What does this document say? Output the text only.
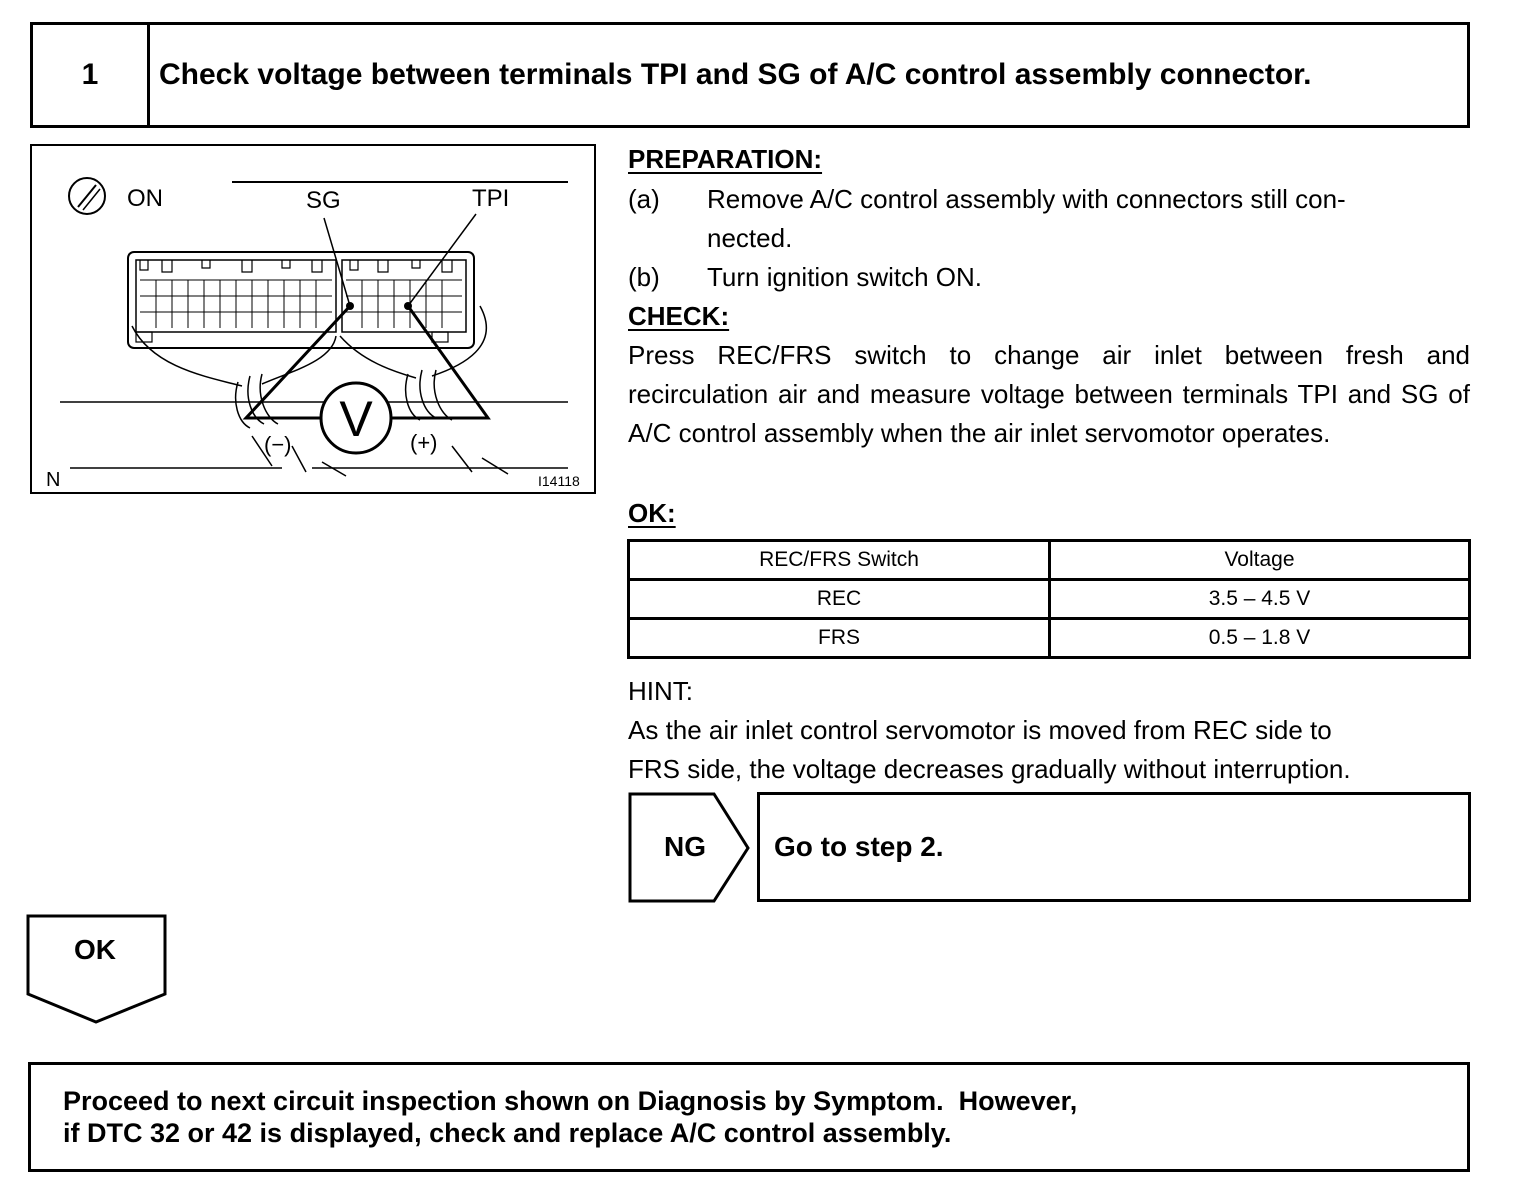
1	Check voltage between terminals TPI and SG of A/C control assembly connector.
ON	SG	TPI
V
(−)	(+)
N	I14118
PREPARATION:
(a) Remove A/C control assembly with connectors still con-
nected.
(b) Turn ignition switch ON.
CHECK:
Press REC/FRS switch to change air inlet between fresh and recirculation air and measure voltage between terminals TPI and SG of A/C control assembly when the air inlet servomotor operates.
OK:
REC/FRS Switch	Voltage
REC	3.5 – 4.5 V
FRS	0.5 – 1.8 V
HINT:
As the air inlet control servomotor is moved from REC side to
FRS side, the voltage decreases gradually without interruption.
NG	Go to step 2.
OK
Proceed to next circuit inspection shown on Diagnosis by Symptom.  However,
if DTC 32 or 42 is displayed, check and replace A/C control assembly.
